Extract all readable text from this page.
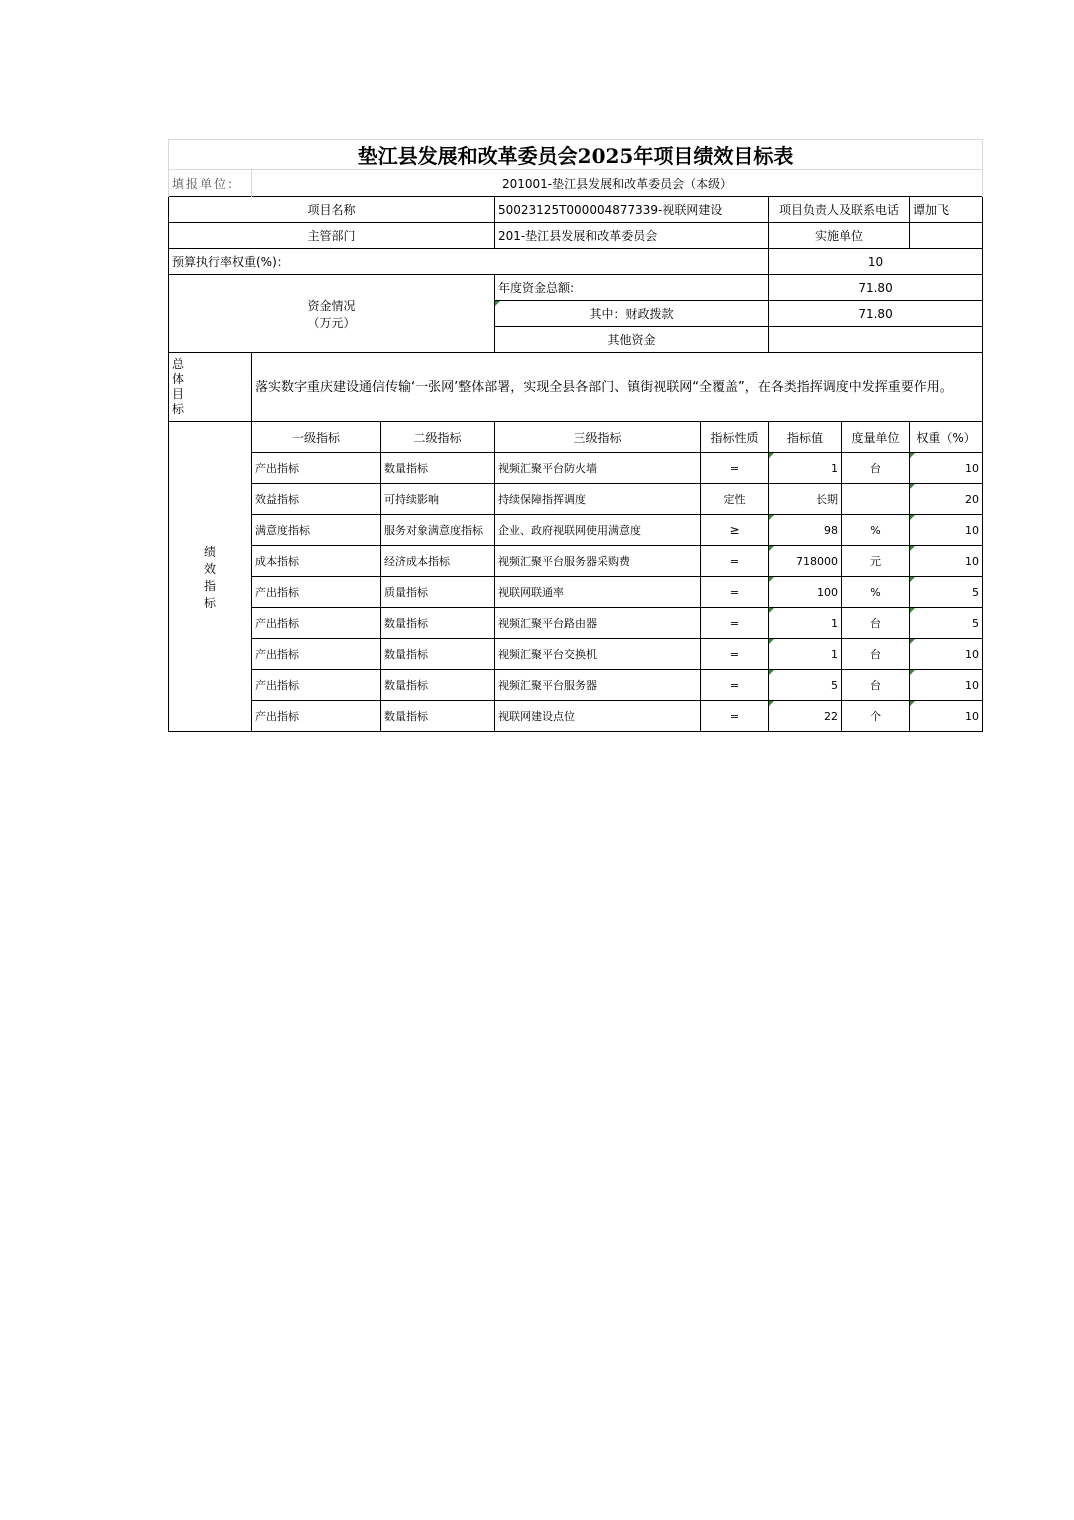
垫江县发展和改革委员会2025年项目绩效目标表							
填报单位:	201001-垫江县发展和改革委员会（本级）						
项目名称			50023125T000004877339-视联网建设		项目负责人及联系电话		谭加飞
主管部门			201-垫江县发展和改革委员会		实施单位		
预算执行率权重(%)：					10		

资金情况
（万元）			年度资金总额:		71.80		
			其中：财政拨款		71.80		
			其他资金				

总
体
目
标	落实数字重庆建设通信传输‘一张网’整体部署，实现全县各部门、镇街视联网“全覆盖”，在各类指挥调度中发挥重要作用。						

绩
效
指
标	一级指标	二级指标	三级指标	指标性质	指标值	度量单位	权重（%）
	产出指标	数量指标	视频汇聚平台防火墙	=	1	台	10
	效益指标	可持续影响	持续保障指挥调度	定性	长期		20
	满意度指标	服务对象满意度指标	企业、政府视联网使用满意度	≥	98	%	10
	成本指标	经济成本指标	视频汇聚平台服务器采购费	=	718000	元	10
	产出指标	质量指标	视联网联通率	=	100	%	5
	产出指标	数量指标	视频汇聚平台路由器	=	1	台	5
	产出指标	数量指标	视频汇聚平台交换机	=	1	台	10
	产出指标	数量指标	视频汇聚平台服务器	=	5	台	10
	产出指标	数量指标	视联网建设点位	=	22	个	10
